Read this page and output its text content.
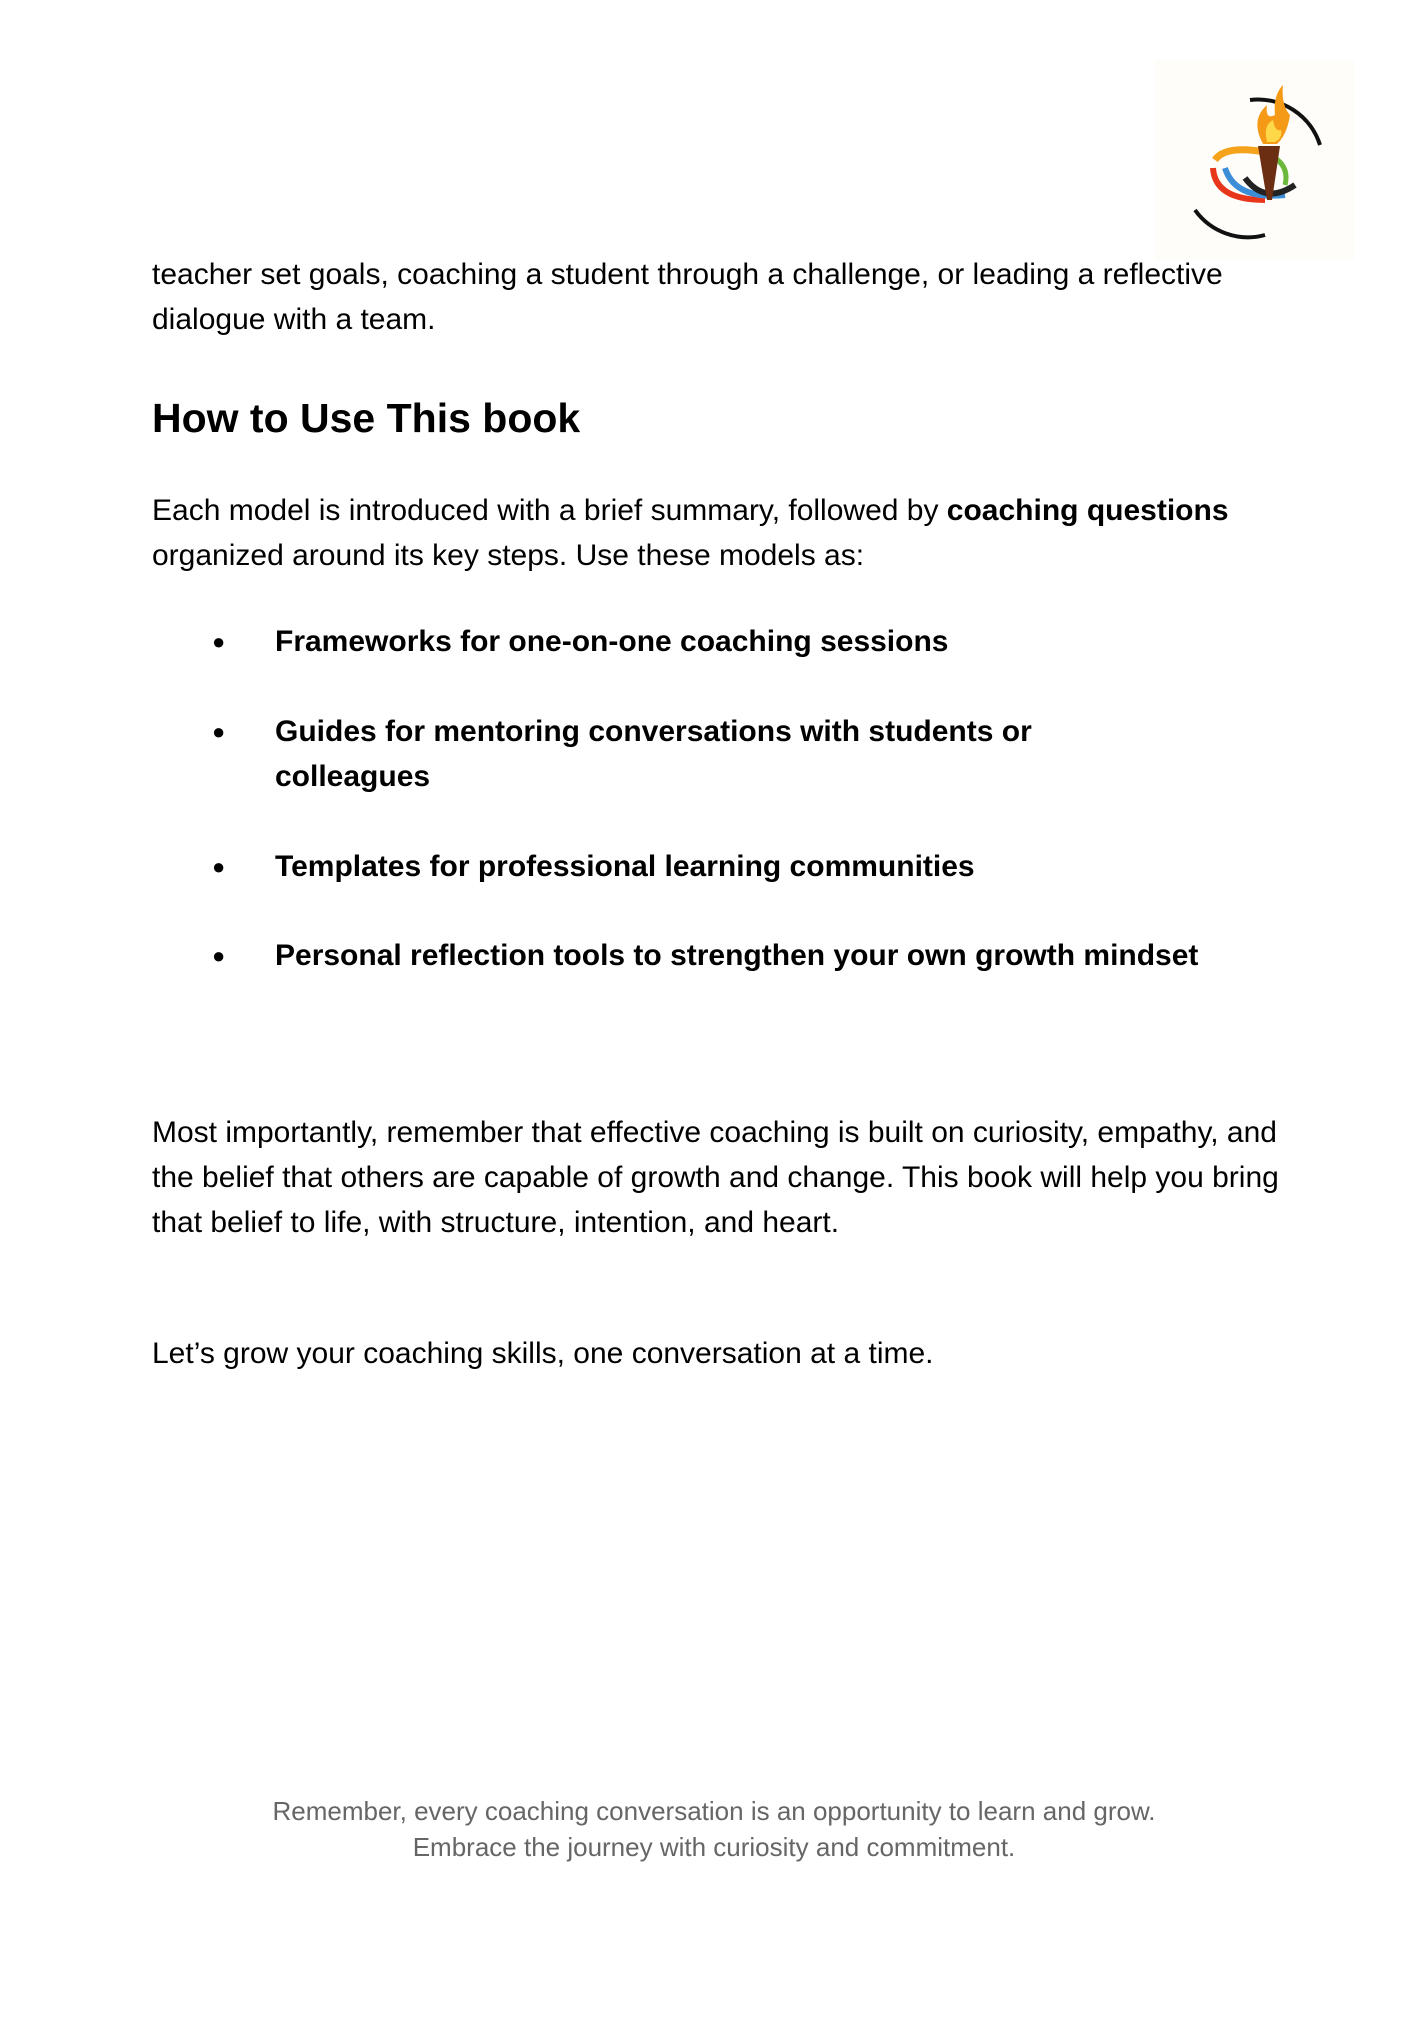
teacher set goals, coaching a student through a challenge, or leading a reflective dialogue with a team.
How to Use This book
Each model is introduced with a brief summary, followed by coaching questions organized around its key steps. Use these models as:
● Frameworks for one-on-one coaching sessions
● Guides for mentoring conversations with students or colleagues
● Templates for professional learning communities
● Personal reflection tools to strengthen your own growth mindset
Most importantly, remember that effective coaching is built on curiosity, empathy, and the belief that others are capable of growth and change. This book will help you bring that belief to life, with structure, intention, and heart.
Let’s grow your coaching skills, one conversation at a time.
Remember, every coaching conversation is an opportunity to learn and grow.
Embrace the journey with curiosity and commitment.
